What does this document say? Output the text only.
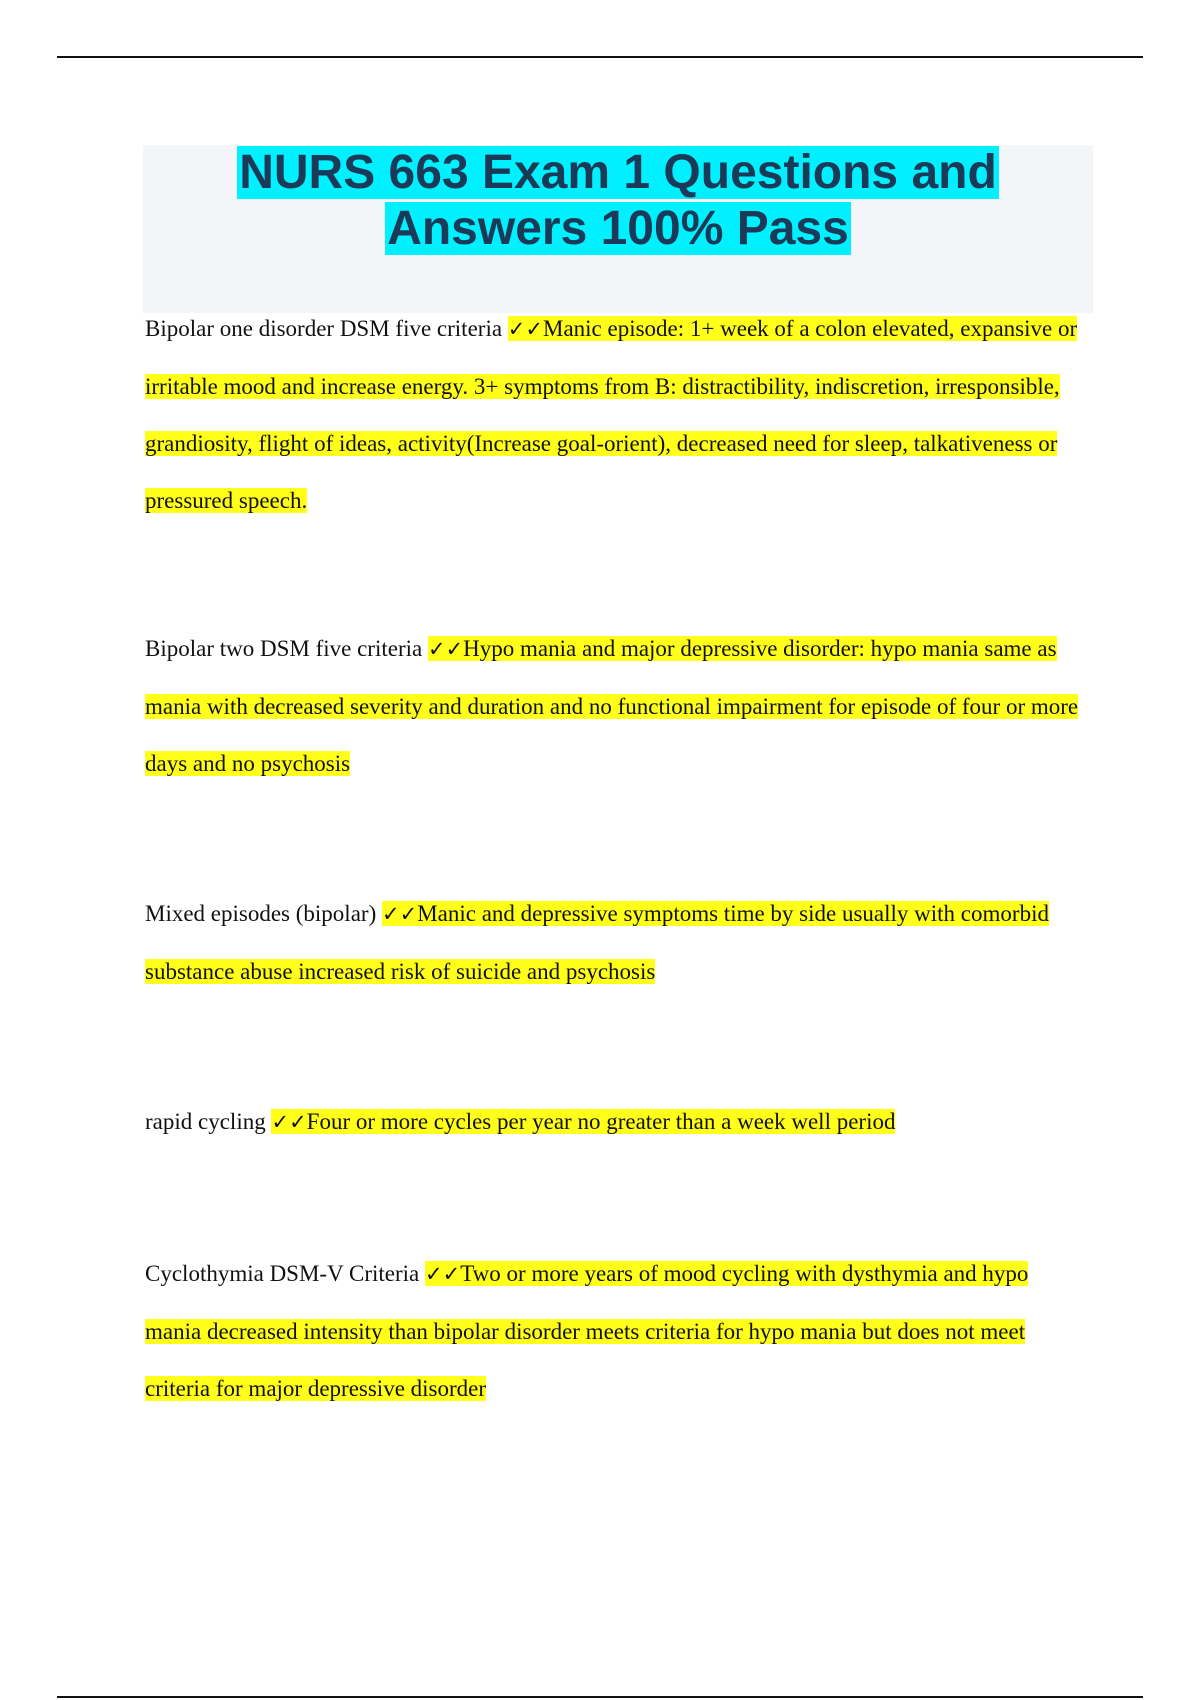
NURS 663 Exam 1 Questions and
Answers 100% Pass

Bipolar one disorder DSM five criteria ✓✓Manic episode: 1+ week of a colon elevated, expansive or irritable mood and increase energy. 3+ symptoms from B: distractibility, indiscretion, irresponsible, grandiosity, flight of ideas, activity(Increase goal-orient), decreased need for sleep, talkativeness or pressured speech.

Bipolar two DSM five criteria ✓✓Hypo mania and major depressive disorder: hypo mania same as mania with decreased severity and duration and no functional impairment for episode of four or more days and no psychosis

Mixed episodes (bipolar) ✓✓Manic and depressive symptoms time by side usually with comorbid substance abuse increased risk of suicide and psychosis

rapid cycling ✓✓Four or more cycles per year no greater than a week well period

Cyclothymia DSM-V Criteria ✓✓Two or more years of mood cycling with dysthymia and hypo mania decreased intensity than bipolar disorder meets criteria for hypo mania but does not meet criteria for major depressive disorder
